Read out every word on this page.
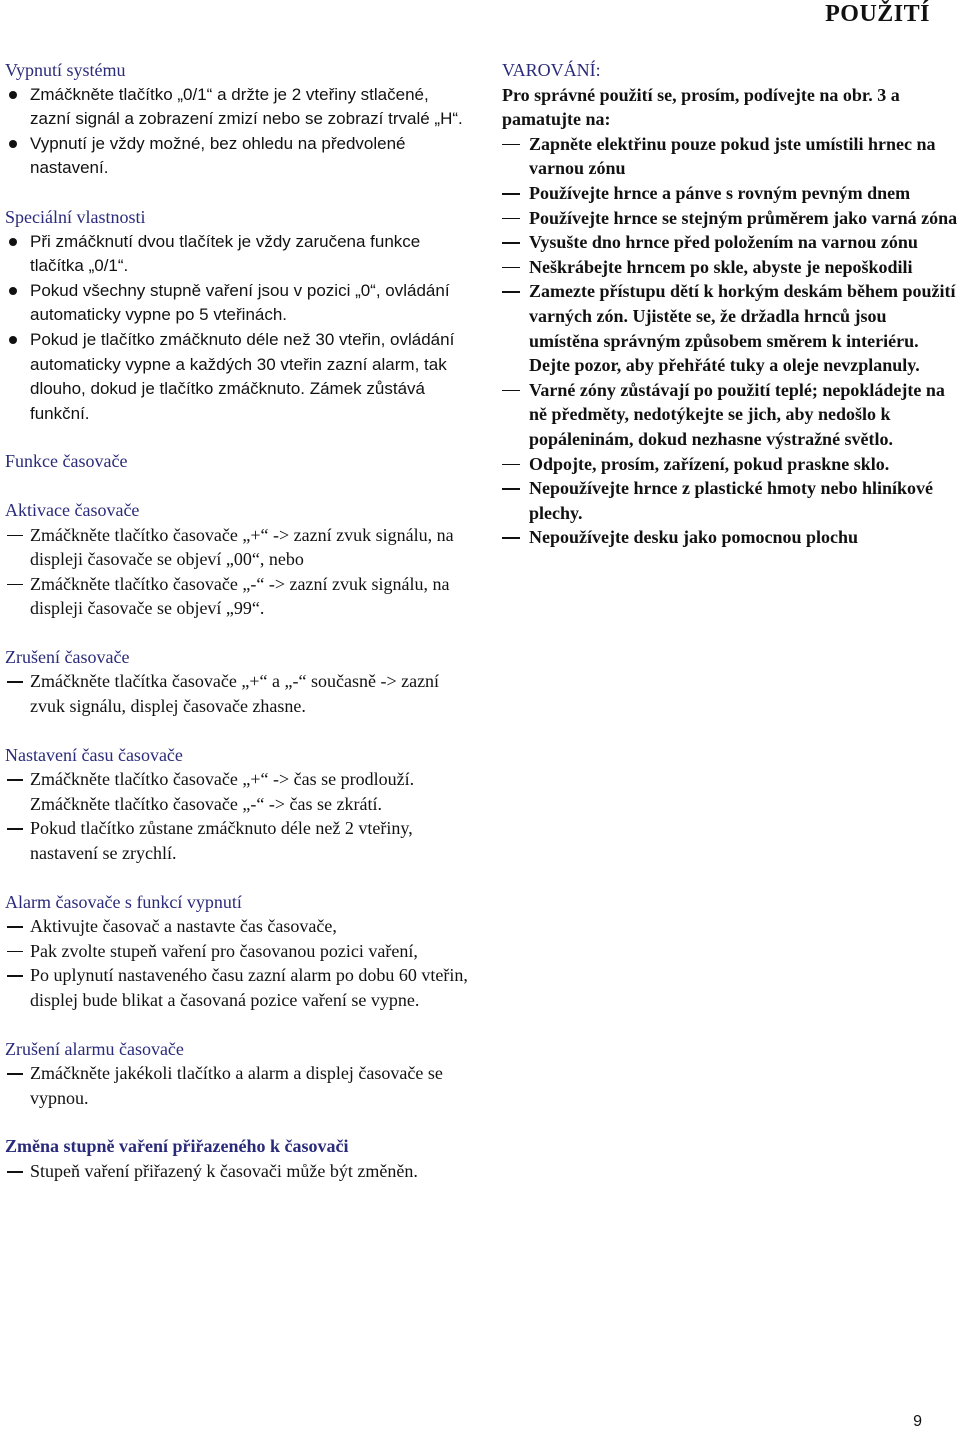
POUŽITÍ
Vypnutí systému
Zmáčkněte tlačítko „0/1“ a držte je 2 vteřiny stlačené, zazní signál a zobrazení zmizí nebo se zobrazí trvalé „H“.
Vypnutí je vždy možné, bez ohledu na předvolené nastavení.
Speciální vlastnosti
Při zmáčknutí dvou tlačítek je vždy zaručena funkce tlačítka „0/1“.
Pokud všechny stupně vaření jsou v pozici „0“, ovládání automaticky vypne po 5 vteřinách.
Pokud je tlačítko zmáčknuto déle než 30 vteřin, ovládání automaticky vypne a každých 30 vteřin zazní alarm, tak dlouho, dokud je tlačítko zmáčknuto. Zámek zůstává funkční.
Funkce časovače
Aktivace časovače
Zmáčkněte tlačítko časovače „+“ -> zazní zvuk signálu, na displeji časovače se objeví „00“, nebo
Zmáčkněte tlačítko časovače „-“ -> zazní zvuk signálu, na displeji časovače se objeví „99“.
Zrušení časovače
Zmáčkněte tlačítka časovače „+“ a „-“ současně -> zazní zvuk signálu, displej časovače zhasne.
Nastavení času časovače
Zmáčkněte tlačítko časovače „+“ -> čas se prodlouží.
Zmáčkněte tlačítko časovače „-“ -> čas se zkrátí.
Pokud tlačítko zůstane zmáčknuto déle než 2 vteřiny, nastavení se zrychlí.
Alarm časovače s funkcí vypnutí
Aktivujte časovač a nastavte čas časovače,
Pak zvolte stupeň vaření pro časovanou pozici vaření,
Po uplynutí nastaveného času zazní alarm po dobu 60 vteřin, displej bude blikat a časovaná pozice vaření se vypne.
Zrušení alarmu časovače
Zmáčkněte jakékoli tlačítko a alarm a displej časovače se vypnou.
Změna stupně vaření přiřazeného k časovači
Stupeň vaření přiřazený k časovači může být změněn.
VAROVÁNÍ:
Pro správné použití se, prosím, podívejte na obr. 3 a pamatujte na:
Zapněte elektřinu pouze pokud jste umístili hrnec na varnou zónu
Používejte hrnce a pánve s rovným pevným dnem
Používejte hrnce se stejným průměrem jako varná zóna
Vysušte dno hrnce před položením na varnou zónu
Neškrábejte hrncem po skle, abyste je nepoškodili
Zamezte přístupu dětí k horkým deskám během použití varných zón. Ujistěte se, že držadla hrnců jsou umístěna správným způsobem směrem k interiéru. Dejte pozor, aby přehřáté tuky a oleje nevzplanuly.
Varné zóny zůstávají po použití teplé; nepokládejte na ně předměty, nedotýkejte se jich, aby nedošlo k popáleninám, dokud nezhasne výstražné světlo.
Odpojte, prosím, zařízení, pokud praskne sklo.
Nepoužívejte hrnce z plastické hmoty nebo hliníkové plechy.
Nepoužívejte desku jako pomocnou plochu
9
